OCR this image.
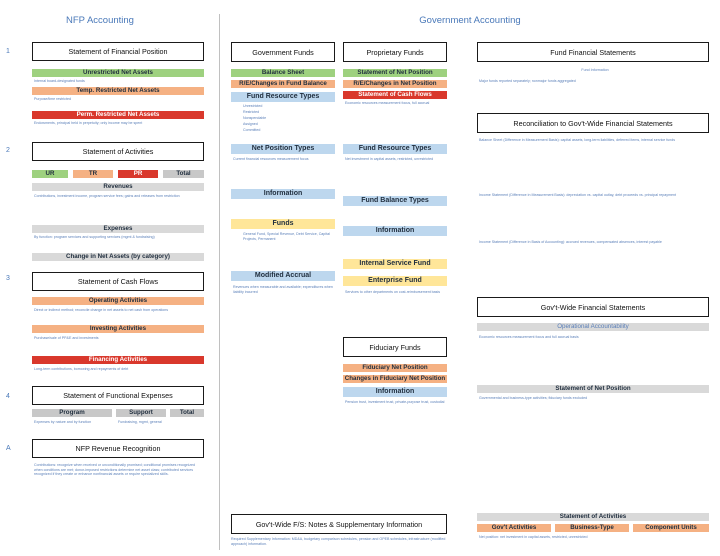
NFP Accounting	Government Accounting
1
2
3
4
A
Statement of Financial Position
Unrestricted Net Assets
Internal board-designated funds
Temp. Restricted Net Assets
Purpose/time restricted
Perm. Restricted Net Assets
Endowments, principal held in perpetuity; only income may be spent
Statement of Activities
UR	TR	PR	Total
Revenues
Contributions, investment income, program service fees; gains and releases from restriction
Expenses
By function: program services and supporting services (mgmt & fundraising)
Change in Net Assets (by category)
Statement of Cash Flows
Operating Activities
Direct or indirect method; reconcile change in net assets to net cash from operations
Investing Activities
Purchase/sale of PP&E and investments
Financing Activities
Long-term contributions, borrowing and repayments of debt
Statement of Functional Expenses
Program	Support	Total
Expenses by nature and by function	Fundraising, mgmt, general
NFP Revenue Recognition
Contributions: recognize when received or unconditionally promised; conditional promises recognized when conditions are met; donor-imposed restrictions determine net asset class; contributed services recognized if they create or enhance nonfinancial assets or require specialized skills.
Government Funds
Balance Sheet
R/E/Changes in Fund Balance
Fund Resource Types
Unrestricted
Restricted
Nonspendable
Assigned
Committed
Net Position Types
Current financial resources measurement focus
Information
Funds
General Fund, Special Revenue, Debt Service, Capital Projects, Permanent
Modified Accrual
Revenues when measurable and available; expenditures when liability incurred
Proprietary Funds
Statement of Net Position
R/E/Changes in Net Position
Statement of Cash Flows
Economic resources measurement focus, full accrual
Fund Resource Types
Net investment in capital assets, restricted, unrestricted
Fund Balance Types
Information
Internal Service Fund
Enterprise Fund
Services to other departments on cost-reimbursement basis
Fiduciary Funds
Fiduciary Net Position
Changes in Fiduciary Net Position
Information
Pension trust, investment trust, private-purpose trust, custodial
Gov't-Wide F/S: Notes & Supplementary Information
Required Supplementary Information: MD&A, budgetary comparison schedules, pension and OPEB schedules, infrastructure (modified approach) information.
Fund Financial Statements
Fund Information
Major funds reported separately; nonmajor funds aggregated
Reconciliation to Gov't-Wide Financial Statements
Balance Sheet (Difference in Measurement Basis): capital assets, long-term liabilities, deferred items, internal service funds
Income Statement (Difference in Measurement Basis): depreciation vs. capital outlay, debt proceeds vs. principal repayment
Income Statement (Difference in Basis of Accounting): accrued revenues, compensated absences, interest payable
Gov't-Wide Financial Statements
Operational Accountability
Economic resources measurement focus and full accrual basis
Statement of Net Position
Governmental and business-type activities; fiduciary funds excluded
Statement of Activities
Gov't Activities	Business-Type	Component Units
Net position: net investment in capital assets, restricted, unrestricted
